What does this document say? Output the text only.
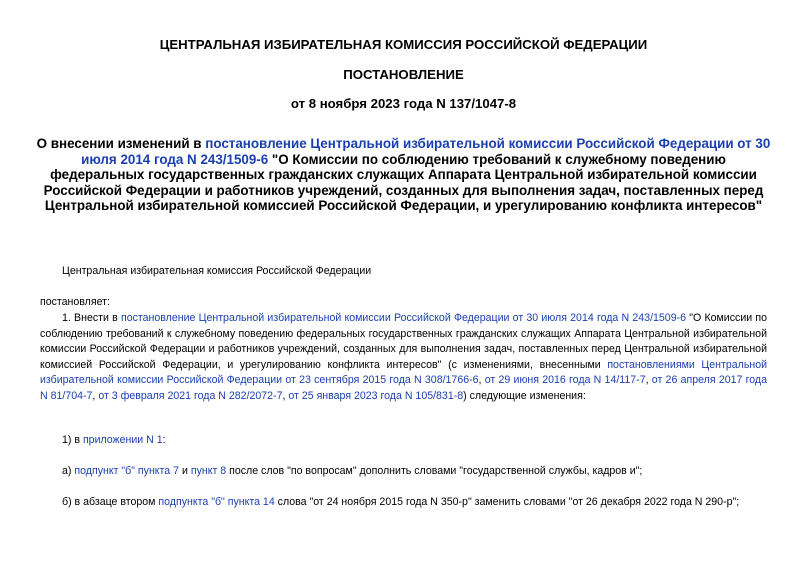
ЦЕНТРАЛЬНАЯ ИЗБИРАТЕЛЬНАЯ КОМИССИЯ РОССИЙСКОЙ ФЕДЕРАЦИИ
ПОСТАНОВЛЕНИЕ
от 8 ноября 2023 года N 137/1047-8
О внесении изменений в постановление Центральной избирательной комиссии Российской Федерации от 30 июля 2014 года N 243/1509-6 "О Комиссии по соблюдению требований к служебному поведению федеральных государственных гражданских служащих Аппарата Центральной избирательной комиссии Российской Федерации и работников учреждений, созданных для выполнения задач, поставленных перед Центральной избирательной комиссией Российской Федерации, и урегулированию конфликта интересов"

Центральная избирательная комиссия Российской Федерации

постановляет:

1. Внести в постановление Центральной избирательной комиссии Российской Федерации от 30 июля 2014 года N 243/1509-6 "О Комиссии по соблюдению требований к служебному поведению федеральных государственных гражданских служащих Аппарата Центральной избирательной комиссии Российской Федерации и работников учреждений, созданных для выполнения задач, поставленных перед Центральной избирательной комиссией Российской Федерации, и урегулированию конфликта интересов" (с изменениями, внесенными постановлениями Центральной избирательной комиссии Российской Федерации от 23 сентября 2015 года N 308/1766-6, от 29 июня 2016 года N 14/117-7, от 26 апреля 2017 года N 81/704-7, от 3 февраля 2021 года N 282/2072-7, от 25 января 2023 года N 105/831-8) следующие изменения:

1) в приложении N 1:

а) подпункт "б" пункта 7 и пункт 8 после слов "по вопросам" дополнить словами "государственной службы, кадров и";

б) в абзаце втором подпункта "б" пункта 14 слова "от 24 ноября 2015 года N 350-р" заменить словами "от 26 декабря 2022 года N 290-р";
